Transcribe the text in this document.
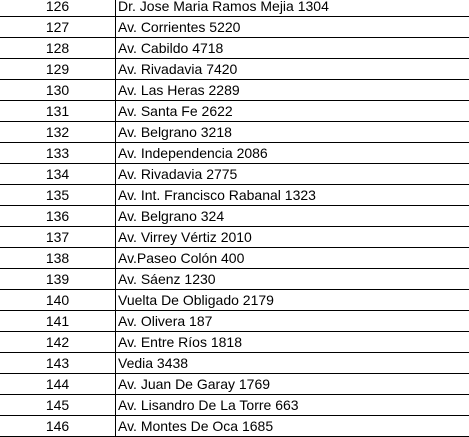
126	Dr. Jose Maria Ramos Mejia 1304
127	Av. Corrientes 5220
128	Av. Cabildo 4718
129	Av. Rivadavia 7420
130	Av. Las Heras 2289
131	Av. Santa Fe 2622
132	Av. Belgrano 3218
133	Av. Independencia 2086
134	Av. Rivadavia 2775
135	Av. Int. Francisco Rabanal 1323
136	Av. Belgrano 324
137	Av. Virrey Vértiz 2010
138	Av.Paseo Colón 400
139	Av. Sáenz 1230
140	Vuelta De Obligado 2179
141	Av. Olivera 187
142	Av. Entre Ríos 1818
143	Vedia 3438
144	Av. Juan De Garay 1769
145	Av. Lisandro De La Torre 663
146	Av. Montes De Oca 1685
